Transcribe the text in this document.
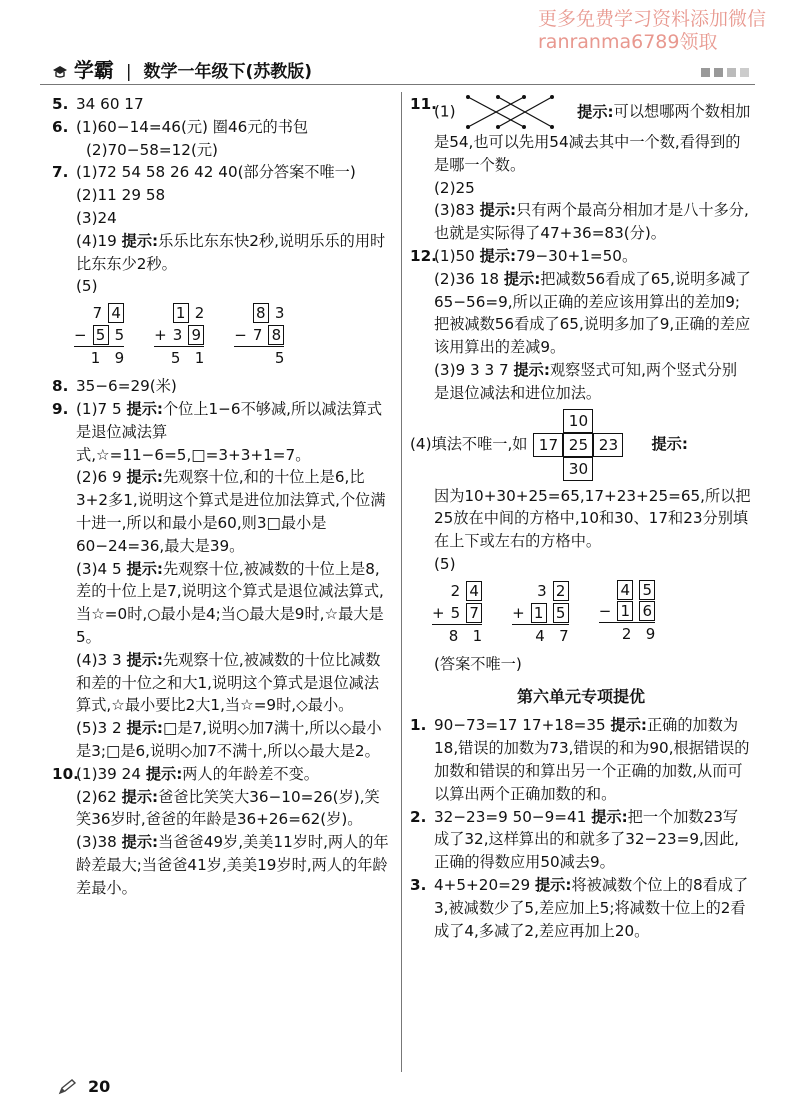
更多免费学习资料添加微信
ranranma6789领取
学霸 | 数学一年级下(苏教版)
5. 34 60 17
6. (1)60−14=46(元) 圈46元的书包
(2)70−58=12(元)
7. (1)72 54 58 26 42 40(部分答案不唯一)
(2)11 29 58
(3)24
(4)19 提示:乐乐比东东快2秒,说明乐乐的用时比东东少2秒。
(5)
7 4
− 5 5
1   9
1 2
+ 3 9
5   1
8 3
− 7 8
5
8. 35−6=29(米)
9. (1)7 5 提示:个位上1−6不够减,所以减法算式是退位减法算式,☆=11−6=5,□=3+3+1=7。
(2)6 9 提示:先观察十位,和的十位上是6,比3+2多1,说明这个算式是进位加法算式,个位满十进一,所以和最小是60,则3□最小是60−24=36,最大是39。
(3)4 5 提示:先观察十位,被减数的十位上是8,差的十位上是7,说明这个算式是退位减法算式,当☆=0时,○最小是4;当○最大是9时,☆最大是5。
(4)3 3 提示:先观察十位,被减数的十位比减数和差的十位之和大1,说明这个算式是退位减法算式,☆最小要比2大1,当☆=9时,◇最小。
(5)3 2 提示:□是7,说明◇加7满十,所以◇最小是3;□是6,说明◇加7不满十,所以◇最大是2。
10.
(1)39 24 提示:两人的年龄差不变。
(2)62 提示:爸爸比笑笑大36−10=26(岁),笑笑36岁时,爸爸的年龄是36+26=62(岁)。
(3)38 提示:当爸爸49岁,美美11岁时,两人的年龄差最大;当爸爸41岁,美美19岁时,两人的年龄差最小。
11.
(1)	提示:可以想哪两个数相加是54,也可以先用54减去其中一个数,看得到的是哪一个数。
(2)25
(3)83 提示:只有两个最高分相加才是八十多分,也就是实际得了47+36=83(分)。
12.
(1)50 提示:79−30+1=50。
(2)36 18 提示:把减数56看成了65,说明多减了65−56=9,所以正确的差应该用算出的差加9;把被减数56看成了65,说明多加了9,正确的差应该用算出的差减9。
(3)9 3 3 7 提示:观察竖式可知,两个竖式分别是退位减法和进位加法。
(4)填法不唯一,如
10
17 25 23
30
提示:
因为10+30+25=65,17+23+25=65,所以把25放在中间的方格中,10和30、17和23分别填在上下或左右的方格中。
(5)
2 4
+ 5 7
8   1
3 2
+ 1 5
4   7
4 5
− 1 6
2   9
(答案不唯一)
第六单元专项提优
1. 90−73=17 17+18=35 提示:正确的加数为18,错误的加数为73,错误的和为90,根据错误的加数和错误的和算出另一个正确的加数,从而可以算出两个正确加数的和。
2. 32−23=9 50−9=41 提示:把一个加数23写成了32,这样算出的和就多了32−23=9,因此,正确的得数应用50减去9。
3. 4+5+20=29 提示:将被减数个位上的8看成了3,被减数少了5,差应加上5;将减数十位上的2看成了4,多减了2,差应再加上20。
20
